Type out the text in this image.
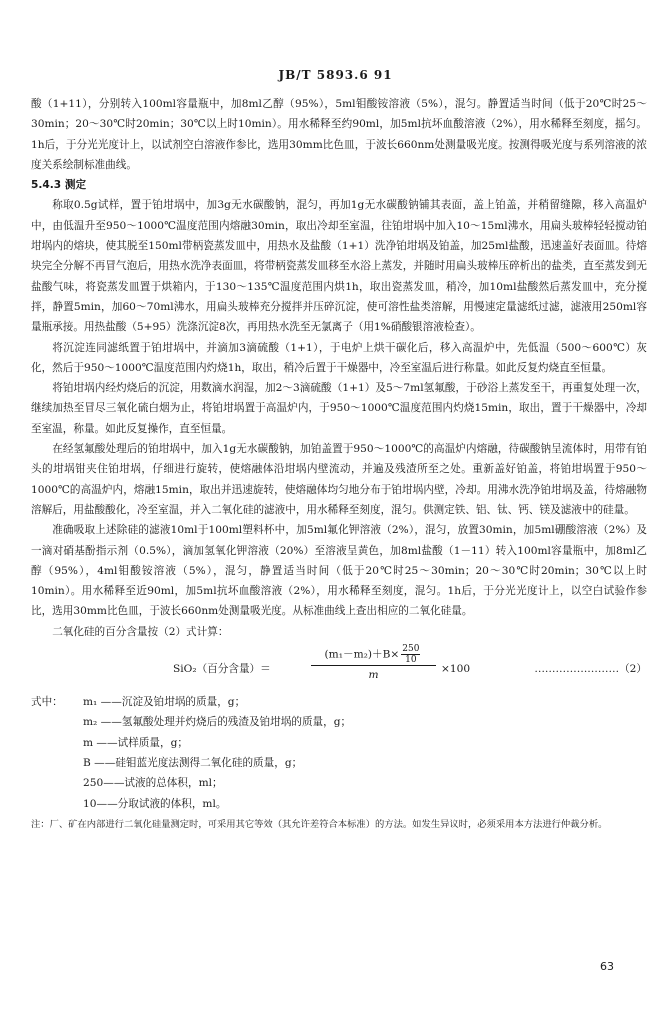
JB/T 5893.6 91

酸（1+11），分别转入100ml容量瓶中，加8ml乙醇（95%），5ml钼酸铵溶液（5%），混匀。静置适当时间（低于20℃时25～30min；20～30℃时20min；30℃以上时10min）。用水稀释至约90ml，加5ml抗坏血酸溶液（2%），用水稀释至刻度，摇匀。1h后，于分光光度计上，以试剂空白溶液作参比，选用30mm比色皿，于波长660nm处测量吸光度。按测得吸光度与系列溶液的浓度关系绘制标准曲线。

5.4.3 测定

称取0.5g试样，置于铂坩埚中，加3g无水碳酸钠，混匀，再加1g无水碳酸钠铺其表面，盖上铂盖，并稍留缝隙，移入高温炉中，由低温升至950～1000℃温度范围内熔融30min，取出冷却至室温，往铂坩埚中加入10～15ml沸水，用扁头玻棒轻轻搅动铂坩埚内的熔块，使其脱至150ml带柄瓷蒸发皿中，用热水及盐酸（1+1）洗净铂坩埚及铂盖，加25ml盐酸，迅速盖好表面皿。待熔块完全分解不再冒气泡后，用热水洗净表面皿，将带柄瓷蒸发皿移至水浴上蒸发，并随时用扁头玻棒压碎析出的盐类，直至蒸发到无盐酸气味，将瓷蒸发皿置于烘箱内，于130～135℃温度范围内烘1h，取出瓷蒸发皿，稍冷，加10ml盐酸然后蒸发皿中，充分搅拌，静置5min，加60～70ml沸水，用扁头玻棒充分搅拌并压碎沉淀，使可溶性盐类溶解，用慢速定量滤纸过滤，滤液用250ml容量瓶承接。用热盐酸（5+95）洗涤沉淀8次，再用热水洗至无氯离子（用1%硝酸银溶液检查）。

将沉淀连同滤纸置于铂坩埚中，并滴加3滴硫酸（1+1），于电炉上烘干碳化后，移入高温炉中，先低温（500～600℃）灰化，然后于950～1000℃温度范围内灼烧1h，取出，稍冷后置于干燥器中，冷至室温后进行称量。如此反复灼烧直至恒量。

将铂坩埚内经灼烧后的沉淀，用数滴水润湿，加2～3滴硫酸（1+1）及5～7ml氢氟酸，于砂浴上蒸发至干，再重复处理一次，继续加热至冒尽三氧化硫白烟为止，将铂坩埚置于高温炉内，于950～1000℃温度范围内灼烧15min，取出，置于干燥器中，冷却至室温，称量。如此反复操作，直至恒量。

在经氢氟酸处理后的铂坩埚中，加入1g无水碳酸钠，加铂盖置于950～1000℃的高温炉内熔融，待碳酸钠呈流体时，用带有铂头的坩埚钳夹住铂坩埚，仔细进行旋转，使熔融体沿坩埚内壁流动，并遍及残渣所至之处。重新盖好铂盖，将铂坩埚置于950～1000℃的高温炉内，熔融15min，取出并迅速旋转，使熔融体均匀地分布于铂坩埚内壁，冷却。用沸水洗净铂坩埚及盖，待熔融物溶解后，用盐酸酸化，冷至室温，并入二氧化硅的滤液中，用水稀释至刻度，混匀。供测定铁、铝、钛、钙、镁及滤液中的硅量。

准确吸取上述除硅的滤液10ml于100ml塑料杯中，加5ml氟化钾溶液（2%），混匀，放置30min，加5ml硼酸溶液（2%）及一滴对硝基酚指示剂（0.5%），滴加氢氧化钾溶液（20%）至溶液呈黄色，加8ml盐酸（1－11）转入100ml容量瓶中，加8ml乙醇（95%），4ml钼酸铵溶液（5%），混匀，静置适当时间（低于20℃时25～30min；20～30℃时20min；30℃以上时10min）。用水稀释至近90ml，加5ml抗坏血酸溶液（2%），用水稀释至刻度，混匀。1h后，于分光光度计上，以空白试验作参比，选用30mm比色皿，于波长660nm处测量吸光度。从标准曲线上查出相应的二氧化硅量。

二氧化硅的百分含量按（2）式计算：

SiO₂（百分含量）＝
$(m_1-m_2)+B\times \frac{250}{10}$
m	×100	……………………（2）

式中： m₁ ——沉淀及铂坩埚的质量，g；

m₂ ——氢氟酸处理并灼烧后的残渣及铂坩埚的质量，g；

m ——试样质量，g；

B ——硅钼蓝光度法测得二氧化硅的质量，g；

250——试液的总体积，ml；

10——分取试液的体积，ml。

注：厂、矿在内部进行二氧化硅量测定时，可采用其它等效（其允许差符合本标准）的方法。如发生异议时，必须采用本方法进行仲裁分析。

63
